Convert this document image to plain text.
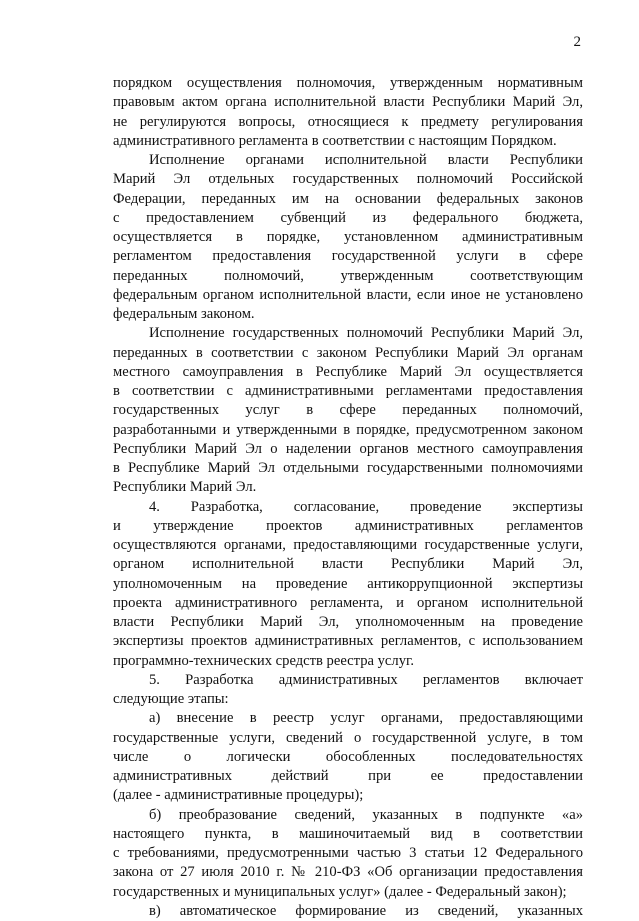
2
порядком осуществления полномочия, утвержденным нормативным
правовым актом органа исполнительной власти Республики Марий Эл,
не регулируются вопросы, относящиеся к предмету регулирования
административного регламента в соответствии с настоящим Порядком.
Исполнение органами исполнительной власти Республики
Марий Эл отдельных государственных полномочий Российской
Федерации, переданных им на основании федеральных законов
с предоставлением субвенций из федерального бюджета,
осуществляется в порядке, установленном административным
регламентом предоставления государственной услуги в сфере
переданных полномочий, утвержденным соответствующим
федеральным органом исполнительной власти, если иное не установлено
федеральным законом.
Исполнение государственных полномочий Республики Марий Эл,
переданных в соответствии с законом Республики Марий Эл органам
местного самоуправления в Республике Марий Эл осуществляется
в соответствии с административными регламентами предоставления
государственных услуг в сфере переданных полномочий,
разработанными и утвержденными в порядке, предусмотренном законом
Республики Марий Эл о наделении органов местного самоуправления
в Республике Марий Эл отдельными государственными полномочиями
Республики Марий Эл.
4. Разработка, согласование, проведение экспертизы
и утверждение проектов административных регламентов
осуществляются органами, предоставляющими государственные услуги,
органом исполнительной власти Республики Марий Эл,
уполномоченным на проведение антикоррупционной экспертизы
проекта административного регламента, и органом исполнительной
власти Республики Марий Эл, уполномоченным на проведение
экспертизы проектов административных регламентов, с использованием
программно-технических средств реестра услуг.
5. Разработка административных регламентов включает
следующие этапы:
а) внесение в реестр услуг органами, предоставляющими
государственные услуги, сведений о государственной услуге, в том
числе о логически обособленных последовательностях
административных действий при ее предоставлении
(далее - административные процедуры);
б) преобразование сведений, указанных в подпункте «а»
настоящего пункта, в машиночитаемый вид в соответствии
с требованиями, предусмотренными частью 3 статьи 12 Федерального
закона от 27 июля 2010 г. № 210-ФЗ «Об организации предоставления
государственных и муниципальных услуг» (далее - Федеральный закон);
в) автоматическое формирование из сведений, указанных
